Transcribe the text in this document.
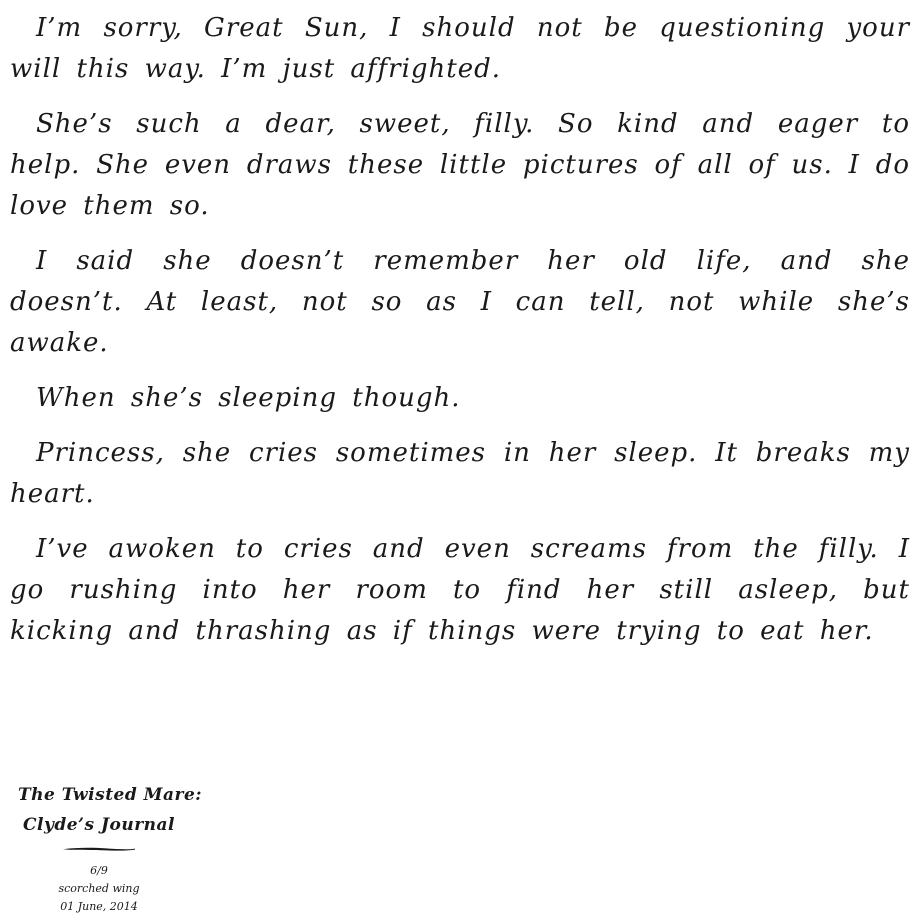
I’m sorry, Great Sun, I should not be questioning your will this way. I’m just affrighted.

She’s such a dear, sweet, filly. So kind and eager to help. She even draws these little pictures of all of us. I do love them so.

I said she doesn’t remember her old life, and she doesn’t. At least, not so as I can tell, not while she’s awake.

When she’s sleeping though.

Princess, she cries sometimes in her sleep. It breaks my heart.

I’ve awoken to cries and even screams from the filly. I go rushing into her room to find her still asleep, but kicking and thrashing as if things were trying to eat her.

The Twisted Mare:
Clyde’s Journal
6/9
scorched wing
01 June, 2014
